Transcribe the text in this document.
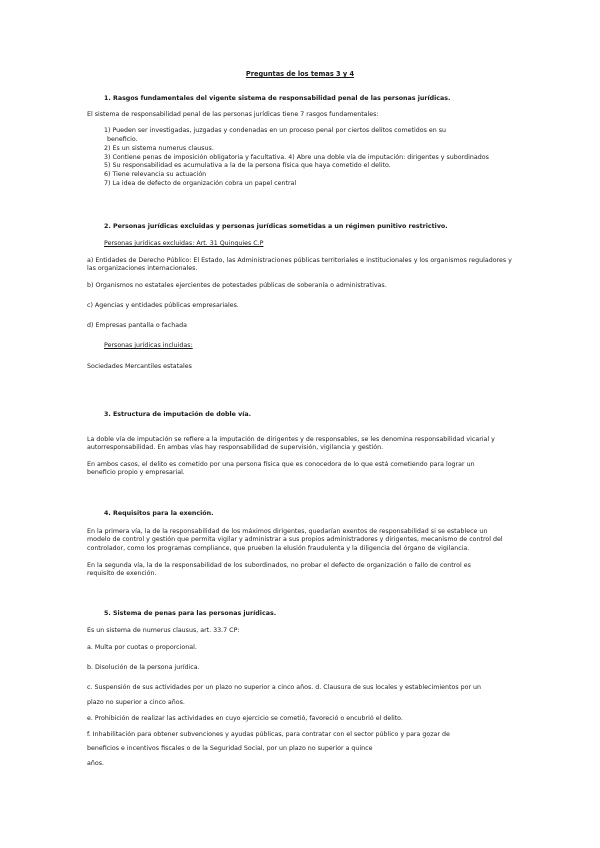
Preguntas de los temas 3 y 4
1. Rasgos fundamentales del vigente sistema de responsabilidad penal de las personas jurídicas.
El sistema de responsabilidad penal de las personas jurídicas tiene 7 rasgos fundamentales:
1) Pueden ser investigadas, juzgadas y condenadas en un proceso penal por ciertos delitos cometidos en su
beneficio.
2) Es un sistema numerus clausus.
3) Contiene penas de imposición obligatoria y facultativa. 4) Abre una doble vía de imputación: dirigentes y subordinados
5) Su responsabilidad es acumulativa a la de la persona física que haya cometido el delito.
6) Tiene relevancia su actuación
7) La idea de defecto de organización cobra un papel central
2. Personas jurídicas excluidas y personas jurídicas sometidas a un régimen punitivo restrictivo.
Personas jurídicas excluidas: Art. 31 Quinquies C.P
a) Entidades de Derecho Público: El Estado, las Administraciones públicas territoriales e institucionales y los organismos reguladores y las organizaciones internacionales.
b) Organismos no estatales ejercientes de potestades públicas de soberanía o administrativas.
c) Agencias y entidades públicas empresariales.
d) Empresas pantalla o fachada
Personas jurídicas incluidas:
Sociedades Mercantiles estatales
3. Estructura de imputación de doble vía.
La doble vía de imputación se refiere a la imputación de dirigentes y de responsables, se les denomina responsabilidad vicarial y autorresponsabilidad. En ambas vías hay responsabilidad de supervisión, vigilancia y gestión.
En ambos casos, el delito es cometido por una persona física que es conocedora de lo que está cometiendo para lograr un beneficio propio y empresarial.
4. Requisitos para la exención.
En la primera vía, la de la responsabilidad de los máximos dirigentes, quedarían exentos de responsabilidad si se establece un modelo de control y gestión que permita vigilar y administrar a sus propios administradores y dirigentes, mecanismo de control del controlador, como los programas compliance, que prueben la elusión fraudulenta y la diligencia del órgano de vigilancia.
En la segunda vía, la de la responsabilidad de los subordinados, no probar el defecto de organización o fallo de control es requisito de exención.
5. Sistema de penas para las personas jurídicas.
Es un sistema de numerus clausus, art. 33.7 CP:
a. Multa por cuotas o proporcional.
b. Disolución de la persona jurídica.
c. Suspensión de sus actividades por un plazo no superior a cinco años. d. Clausura de sus locales y establecimientos por un
plazo no superior a cinco años.
e. Prohibición de realizar las actividades en cuyo ejercicio se cometió, favoreció o encubrió el delito.
f. Inhabilitación para obtener subvenciones y ayudas públicas, para contratar con el sector público y para gozar de
beneficios e incentivos fiscales o de la Seguridad Social, por un plazo no superior a quince
años.
